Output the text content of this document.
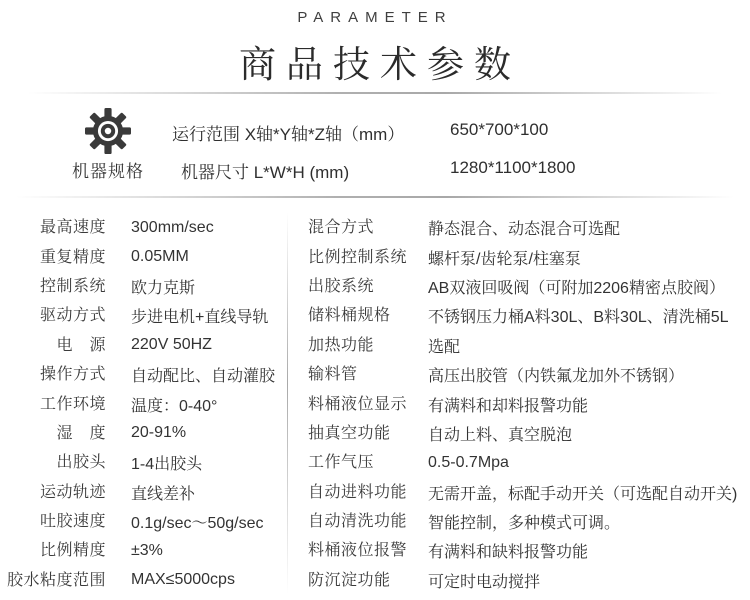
PARAMETER
商品技术参数
机器规格
运行范围 X轴*Y轴*Z轴（mm）	650*700*100
机器尺寸 L*W*H (mm)	1280*1100*1800
最高速度 300mm/sec
重复精度 0.05MM
控制系统 欧力克斯
驱动方式 步进电机+直线导轨
电　源 220V 50HZ
操作方式 自动配比、自动灌胶
工作环境 温度：0-40°
湿　度 20-91%
出胶头 1-4出胶头
运动轨迹 直线差补
吐胶速度 0.1g/sec～50g/sec
比例精度 ±3%
胶水粘度范围 MAX≤5000cps
混合方式	静态混合、动态混合可选配
比例控制系统	螺杆泵/齿轮泵/柱塞泵
出胶系统	AB双液回吸阀（可附加2206精密点胶阀）
储料桶规格	不锈钢压力桶A料30L、B料30L、清洗桶5L
加热功能	选配
输料管	高压出胶管（内铁氟龙加外不锈钢）
料桶液位显示	有满料和却料报警功能
抽真空功能	自动上料、真空脱泡
工作气压	0.5-0.7Mpa
自动进料功能	无需开盖，标配手动开关（可选配自动开关)
自动清洗功能	智能控制，多种模式可调。
料桶液位报警	有满料和缺料报警功能
防沉淀功能	可定时电动搅拌
